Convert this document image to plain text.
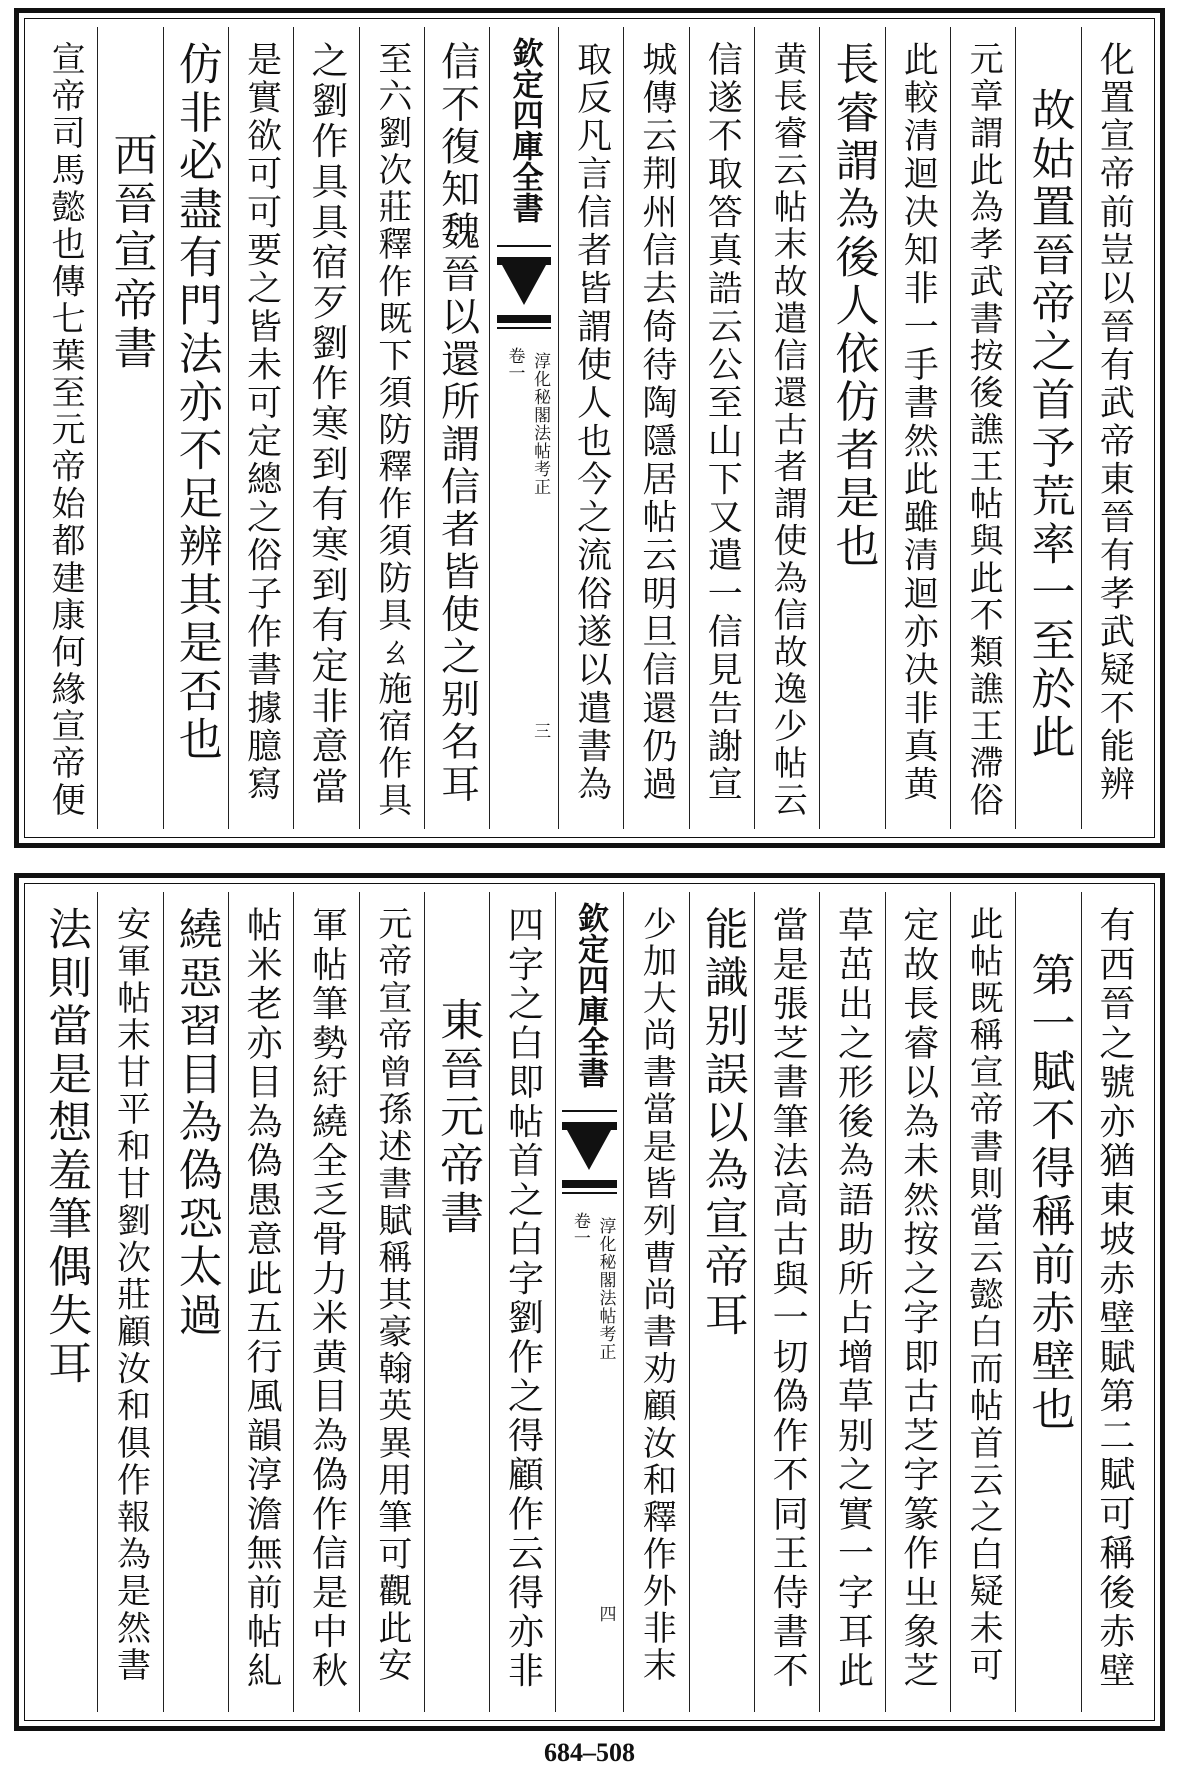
化置宣帝前豈以晉有武帝東晉有孝武疑不能辨
故姑置晉帝之首予荒率一至於此
元章謂此為孝武書按後譙王帖與此不類譙王滯俗
此較清迴决知非一手書然此雖清迴亦决非真黄
長睿謂為後人依仿者是也
黄長睿云帖末故遣信還古者謂使為信故逸少帖云
信遂不取答真誥云公至山下又遣一信見告謝宣
城傳云荆州信去倚待陶隱居帖云明旦信還仍過
取反凡言信者皆謂使人也今之流俗遂以遣書為
欽定四庫全書
卷一 淳化秘閣法帖考正
三
信不復知魏晉以還所謂信者皆使之别名耳
至六劉次莊釋作既下須防釋作須防具ㄠ施宿作具
之劉作具具宿歹劉作寒到有寒到有定非意當
是實欲可可要之皆未可定總之俗子作書據臆寫
仿非必盡有門法亦不足辨其是否也
西晉宣帝書
宣帝司馬懿也傳七葉至元帝始都建康何緣宣帝便
有西晉之號亦猶東坡赤壁賦第二賦可稱後赤壁
第一賦不得稱前赤壁也
此帖既稱宣帝書則當云懿白而帖首云之白疑未可
定故長睿以為未然按之字即古芝字篆作㞢象芝
草茁出之形後為語助所占增草别之實一字耳此
當是張芝書筆法高古與一切偽作不同王侍書不
能識别誤以為宣帝耳
少加大尚書當是皆列曹尚書劝顧汝和釋作外非末
欽定四庫全書
卷一 淳化秘閣法帖考正
四
四字之白即帖首之白字劉作之得顧作云得亦非
東晉元帝書
元帝宣帝曾孫述書賦稱其豪翰英異用筆可觀此安
軍帖筆勢紆繞全乏骨力米黄目為偽作信是中秋
帖米老亦目為偽愚意此五行風韻淳澹無前帖糺
繞惡習目為偽恐太過
安軍帖末甘平和甘劉次莊顧汝和俱作報為是然書
法則當是想羞筆偶失耳
684–508
